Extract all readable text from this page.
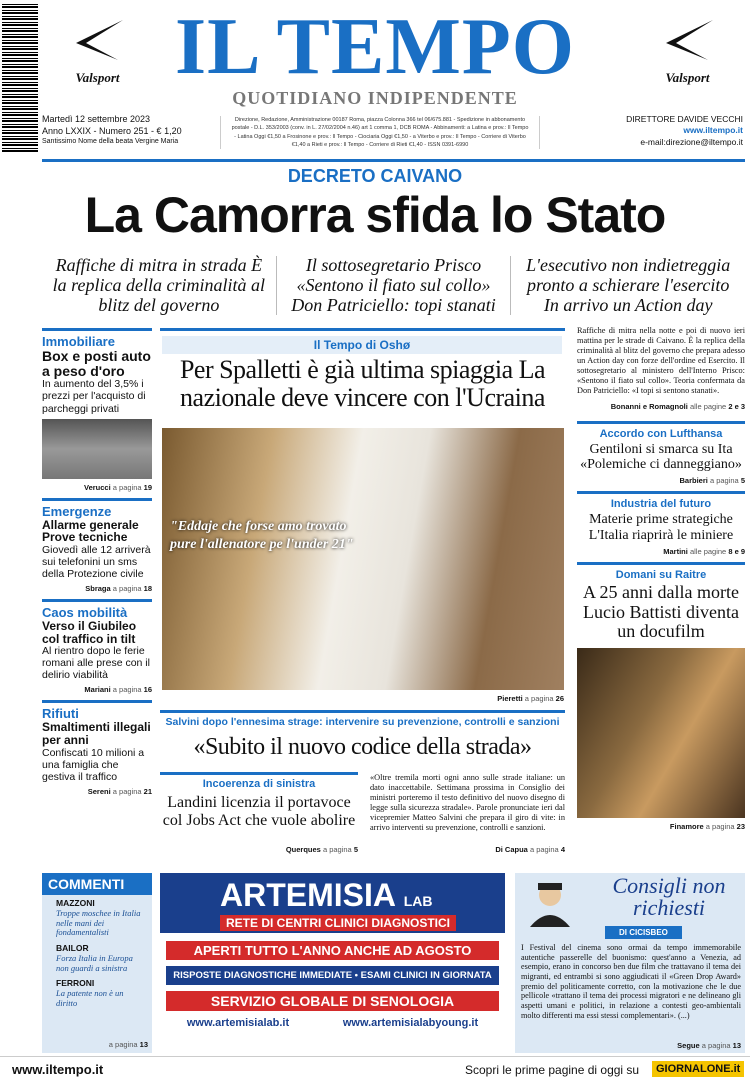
Valsport	Valsport
IL TEMPO
QUOTIDIANO INDIPENDENTE
Martedì 12 settembre 2023
Anno LXXIX - Numero 251 - € 1,20
Santissimo Nome della beata Vergine Maria
Direzione, Redazione, Amministrazione 00187 Roma, piazza Colonna 366 tel 06/675.881 - Spedizione in abbonamento postale - D.L. 353/2003 (conv. in L. 27/02/2004 n.46) art 1 comma 1, DCB ROMA - Abbinamenti: a Latina e prov.: Il Tempo - Latina Oggi €1,50 a Frosinone e prov.: Il Tempo - Ciociaria Oggi €1,50 - a Viterbo e prov.: Il Tempo - Corriere di Viterbo €1,40 a Rieti e prov.: Il Tempo - Corriere di Rieti €1,40 - ISSN 0391-6990
DIRETTORE DAVIDE VECCHI
www.iltempo.it
e-mail:direzione@iltempo.it
DECRETO CAIVANO
La Camorra sfida lo Stato
Raffiche di mitra in strada È la replica della criminalità al blitz del governo
Il sottosegretario Prisco «Sentono il fiato sul collo» Don Patriciello: topi stanati
L'esecutivo non indietreggia pronto a schierare l'esercito In arrivo un Action day
Immobiliare
Box e posti auto a peso d'oro
In aumento del 3,5% i prezzi per l'acquisto di parcheggi privati
Verucci a pagina 19
Emergenze
Allarme generale Prove tecniche
Giovedì alle 12 arriverà sui telefonini un sms della Protezione civile
Sbraga a pagina 18
Caos mobilità
Verso il Giubileo col traffico in tilt
Al rientro dopo le ferie romani alle prese con il delirio viabilità
Mariani a pagina 16
Rifiuti
Smaltimenti illegali per anni
Confiscati 10 milioni a una famiglia che gestiva il traffico
Sereni a pagina 21
Il Tempo di Oshø
Per Spalletti è già ultima spiaggia La nazionale deve vincere con l'Ucraina
"Eddaje che forse amo trovato pure l'allenatore pe l'under 21"
Pieretti a pagina 26
Salvini dopo l'ennesima strage: intervenire su prevenzione, controlli e sanzioni
«Subito il nuovo codice della strada»
Incoerenza di sinistra
Landini licenzia il portavoce col Jobs Act che vuole abolire
Querques a pagina 5
«Oltre tremila morti ogni anno sulle strade italiane: un dato inaccettabile. Settimana prossima in Consiglio dei ministri porteremo il testo definitivo del nuovo disegno di legge sulla sicurezza stradale». Parole pronunciate ieri dal vicepremier Matteo Salvini che prepara il giro di vite: in arrivo interventi su prevenzione, controlli e sanzioni.
Di Capua a pagina 4
Raffiche di mitra nella notte e poi di nuovo ieri mattina per le strade di Caivano. È la replica della criminalità al blitz del governo che prepara adesso un Action day con forze dell'ordine ed Esercito. Il sottosegretario al ministero dell'Interno Prisco: «Sentono il fiato sul collo». Teoria confermata da Don Patriciello: «I topi si sentono stanati».
Bonanni e Romagnoli alle pagine 2 e 3
Accordo con Lufthansa
Gentiloni si smarca su Ita «Polemiche ci danneggiano»
Barbieri a pagina 5
Industria del futuro
Materie prime strategiche L'Italia riaprirà le miniere
Martini alle pagine 8 e 9
Domani su Raitre
A 25 anni dalla morte Lucio Battisti diventa un docufilm
Finamore a pagina 23
COMMENTI
MAZZONI
Troppe moschee in Italia nelle mani dei fondamentalisti
BAILOR
Forza Italia in Europa non guardi a sinistra
FERRONI
La patente non è un diritto
a pagina 13
ARTEMISIA LAB
RETE DI CENTRI CLINICI DIAGNOSTICI
APERTI TUTTO L'ANNO ANCHE AD AGOSTO
RISPOSTE DIAGNOSTICHE IMMEDIATE • ESAMI CLINICI IN GIORNATA
SERVIZIO GLOBALE DI SENOLOGIA
www.artemisialab.it	www.artemisialabyoung.it
Consigli non richiesti
DI CICISBEO
I Festival del cinema sono ormai da tempo immemorabile autentiche passerelle del buonismo: quest'anno a Venezia, ad esempio, erano in concorso ben due film che trattavano il tema dei migranti, ed entrambi si sono aggiudicati il «Green Drop Award» premio del politicamente corretto, con la motivazione che le due pellicole «trattano il tema dei processi migratori e ne delineano gli aspetti umani e politici, in relazione a contesti geo-ambientali molto differenti ma essi stessi complementari». (...)
Segue a pagina 13
www.iltempo.it	Scopri le prime pagine di oggi su	GIORNALONE.it
